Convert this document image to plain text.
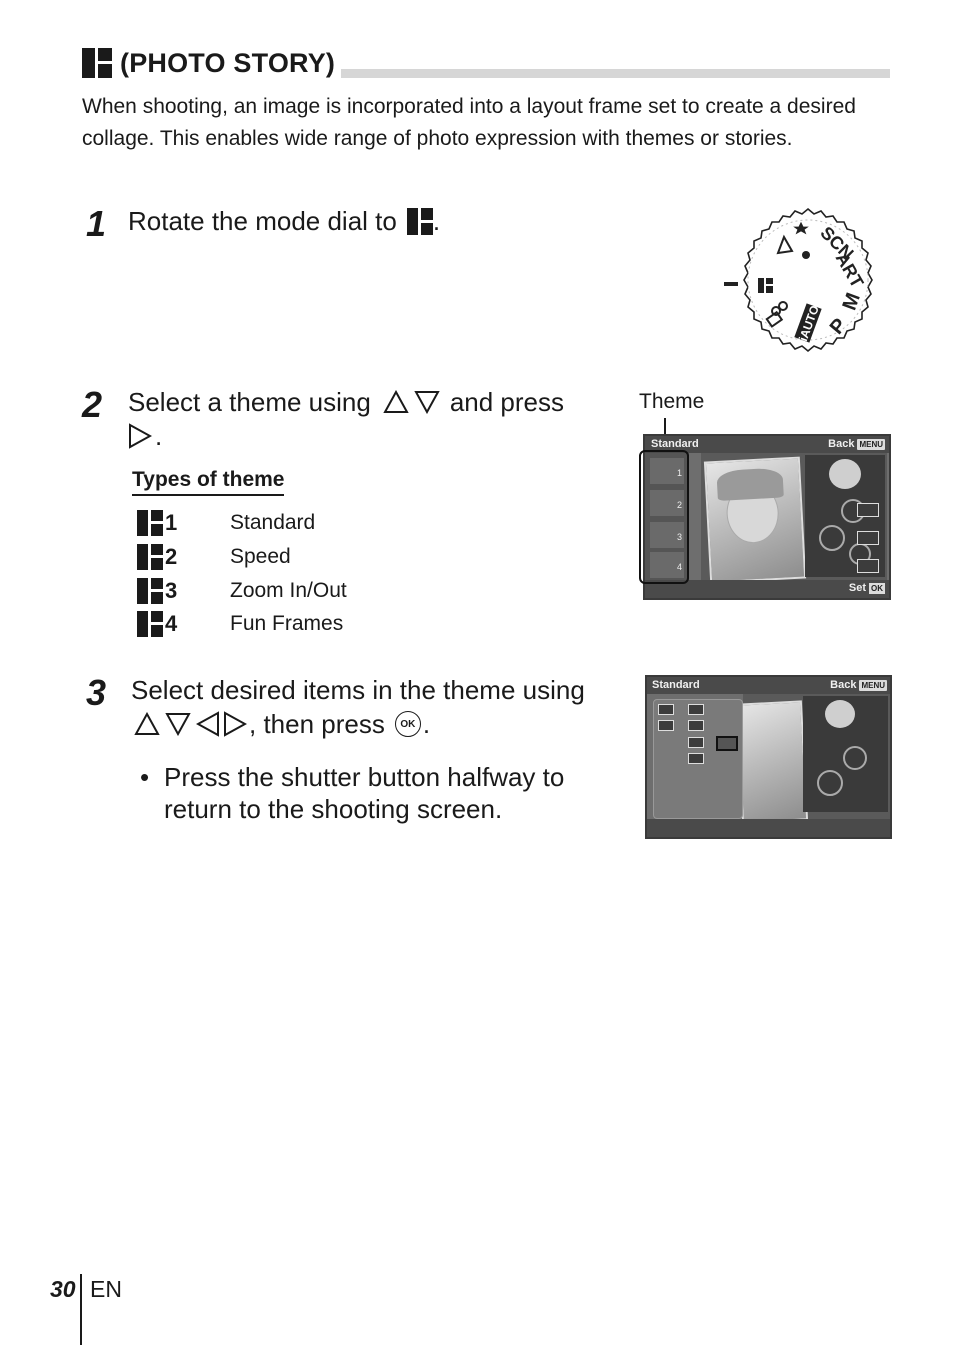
(PHOTO STORY)
When shooting, an image is incorporated into a layout frame set to create a desired collage. This enables wide range of photo expression with themes or stories.
1 Rotate the mode dial to .
iAUTO P
M
ART
SCN
2 Select a theme using	and press
.
Types of theme
1	Standard
2	Speed
3	Zoom In/Out
4	Fun Frames
Theme
Standard	Back MENU
1
2
3
4
Set OK
3 Select desired items in the theme using
, then press	OK .
• Press the shutter button halfway to return to the shooting screen.
Standard	Back MENU
30 EN
